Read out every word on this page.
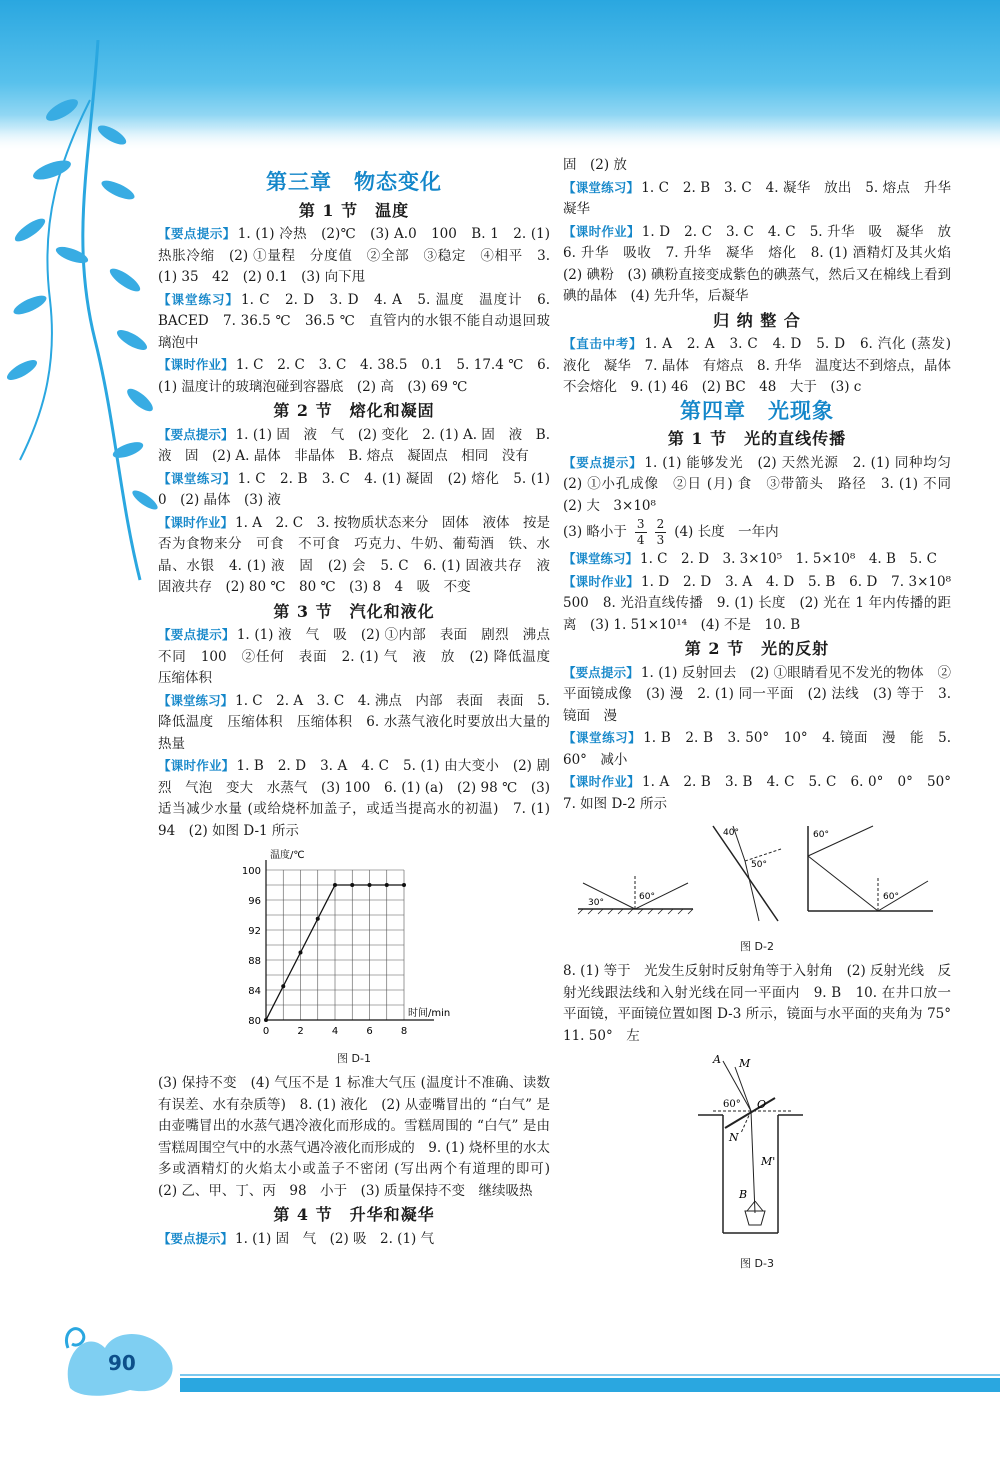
第三章　物态变化
第 1 节　温度

【要点提示】 1. (1) 冷热　(2)℃　(3) A.0　100　B. 1　2. (1) 热胀冷缩　(2) ①量程　分度值　②全部　③稳定　④相平　3. (1) 35　42　(2) 0.1　(3) 向下甩

【课堂练习】 1. C　2. D　3. D　4. A　5. 温度　温度计　6. BACED　7. 36.5 ℃　36.5 ℃　直管内的水银不能自动退回玻璃泡中

【课时作业】 1. C　2. C　3. C　4. 38.5　0.1　5. 17.4 ℃　6. (1) 温度计的玻璃泡碰到容器底　(2) 高　(3) 69 ℃

第 2 节　熔化和凝固

【要点提示】 1. (1) 固　液　气　(2) 变化　2. (1) A. 固　液　B. 液　固　(2) A. 晶体　非晶体　B. 熔点　凝固点　相同　没有

【课堂练习】 1. C　2. B　3. C　4. (1) 凝固　(2) 熔化　5. (1) 0　(2) 晶体　(3) 液

【课时作业】 1. A　2. C　3. 按物质状态来分　固体　液体　按是否为食物来分　可食　不可食　巧克力、牛奶、葡萄酒　铁、水晶、水银　4. (1) 液　固　(2) 会　5. C　6. (1) 固液共存　液　固液共存　(2) 80 ℃　80 ℃　(3) 8　4　吸　不变

第 3 节　汽化和液化

【要点提示】 1. (1) 液　气　吸　(2) ①内部　表面　剧烈　沸点　不同　100　②任何　表面　2. (1) 气　液　放　(2) 降低温度　压缩体积

【课堂练习】 1. C　2. A　3. C　4. 沸点　内部　表面　表面　5. 降低温度　压缩体积　压缩体积　6. 水蒸气液化时要放出大量的热量

【课时作业】 1. B　2. D　3. A　4. C　5. (1) 由大变小　(2) 剧烈　气泡　变大　水蒸气　(3) 100　6. (1) (a)　(2) 98 ℃　(3) 适当减少水量 (或给烧杯加盖子，或适当提高水的初温)　7. (1) 94　(2) 如图 D-1 所示

80
84
88
92
96
100
0	2	4	6	8
温度/℃
时间/min
图 D-1

(3) 保持不变　(4) 气压不是 1 标准大气压 (温度计不准确、读数有误差、水有杂质等)　8. (1) 液化　(2) 从壶嘴冒出的 “白气” 是由壶嘴冒出的水蒸气遇冷液化而形成的。雪糕周围的 “白气” 是由雪糕周围空气中的水蒸气遇冷液化而形成的　9. (1) 烧杯里的水太多或酒精灯的火焰太小或盖子不密闭 (写出两个有道理的即可)　(2) 乙、甲、丁、丙　98　小于　(3) 质量保持不变　继续吸热

第 4 节　升华和凝华

【要点提示】 1. (1) 固　气　(2) 吸　2. (1) 气

固　(2) 放

【课堂练习】 1. C　2. B　3. C　4. 凝华　放出　5. 熔点　升华　凝华

【课时作业】 1. D　2. C　3. C　4. C　5. 升华　吸　凝华　放　6. 升华　吸收　7. 升华　凝华　熔化　8. (1) 酒精灯及其火焰　(2) 碘粉　(3) 碘粉直接变成紫色的碘蒸气，然后又在棉线上看到碘的晶体　(4) 先升华，后凝华

归 纳 整 合

【直击中考】 1. A　2. A　3. C　4. D　5. D　6. 汽化 (蒸发)　液化　凝华　7. 晶体　有熔点　8. 升华　温度达不到熔点，晶体不会熔化　9. (1) 46　(2) BC　48　大于　(3) c

第四章　光现象
第 1 节　光的直线传播

【要点提示】 1. (1) 能够发光　(2) 天然光源　2. (1) 同种均匀　(2) ①小孔成像　②日 (月) 食　③带箭头　路径　3. (1) 不同　(2) 大　3×10⁸

(3) 略小于 $\frac{3}{4} \frac{2}{3} (4)$ 长度　一年内

【课堂练习】 1. C　2. D　3. 3×10⁵　1. 5×10⁸　4. B　5. C

【课时作业】 1. D　2. D　3. A　4. D　5. B　6. D　7. 3×10⁸　500　8. 光沿直线传播　9. (1) 长度　(2) 光在 1 年内传播的距离　(3) 1. 51×10¹⁴　(4) 不是　10. B

第 2 节　光的反射

【要点提示】 1. (1) 反射回去　(2) ①眼睛看见不发光的物体　②平面镜成像　(3) 漫　2. (1) 同一平面　(2) 法线　(3) 等于　3. 镜面　漫

【课堂练习】 1. B　2. B　3. 50°　10°　4. 镜面　漫　能　5. 60°　减小

【课时作业】 1. A　2. B　3. B　4. C　5. C　6. 0°　0°　50°　7. 如图 D-2 所示

30°
60°
40°
50°
60°
60°
图 D-2

8. (1) 等于　光发生反射时反射角等于入射角　(2) 反射光线　反射光线跟法线和入射光线在同一平面内　9. B　10. 在井口放一平面镜，平面镜位置如图 D-3 所示，镜面与水平面的夹角为 75°　11. 50°　左

A M
60° O
N
M'
B
图 D-3
90
